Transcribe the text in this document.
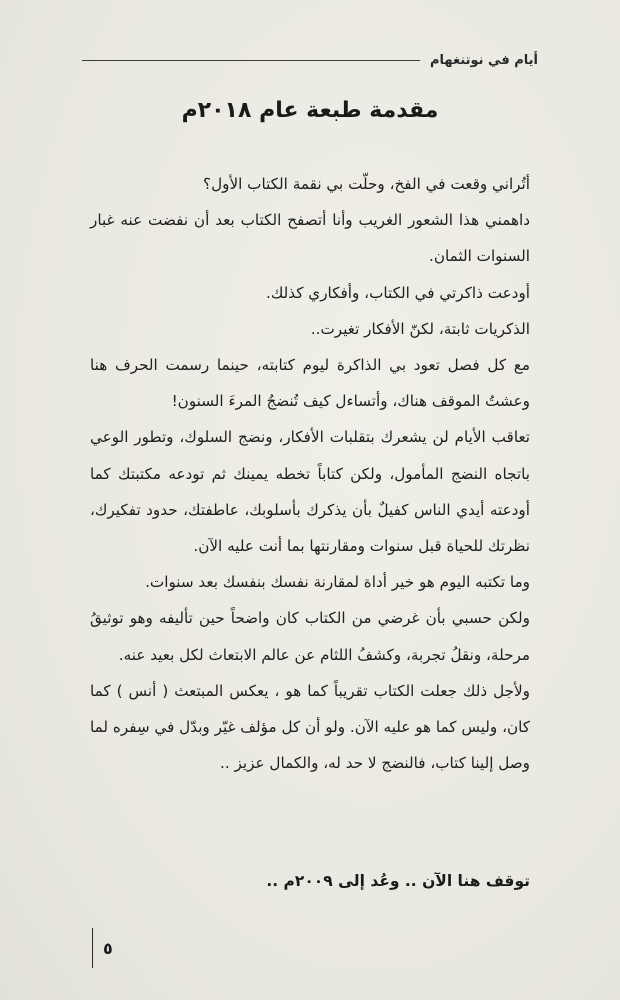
أيام في نوتنغهام
مقدمة طبعة عام ٢٠١٨م

أتُراني وقعت في الفخ، وحلّت بي نقمة الكتاب الأول؟

داهمني هذا الشعور الغريب وأنا أتصفح الكتاب بعد أن نفضت عنه غبار السنوات الثمان.

أودعت ذاكرتي في الكتاب، وأفكاري كذلك.

الذكريات ثابتة، لكنّ الأفكار تغيرت..

مع كل فصل تعود بي الذاكرة ليوم كتابته، حينما رسمت الحرف هنا وعشتُ الموقف هناك، وأتساءل كيف تُنضجُ المرءَ السنون!

تعاقب الأيام لن يشعرك بتقلبات الأفكار، ونضج السلوك، وتطور الوعي باتجاه النضج المأمول، ولكن كتاباً تخطه يمينك ثم تودعه مكتبتك كما أودعته أيدي الناس كفيلٌ بأن يذكرك بأسلوبك، عاطفتك، حدود تفكيرك، نظرتك للحياة قبل سنوات ومقارنتها بما أنت عليه الآن.

وما تكتبه اليوم هو خير أداة لمقارنة نفسك بنفسك بعد سنوات.

ولكن حسبي بأن غرضي من الكتاب كان واضحاً حين تأليفه وهو توثيقُ مرحلة، ونقلُ تجربة، وكشفُ اللثام عن عالم الابتعاث لكل بعيد عنه.

ولأجل ذلك جعلت الكتاب تقريباً كما هو ، يعكس المبتعث ( أنس ) كما كان، وليس كما هو عليه الآن. ولو أن كل مؤلف غيّر وبدّل في سِفره لما وصل إلينا كتاب، فالنضج لا حد له، والكمال عزيز ..

توقف هنا الآن .. وعُد إلى ٢٠٠٩م ..
٥
